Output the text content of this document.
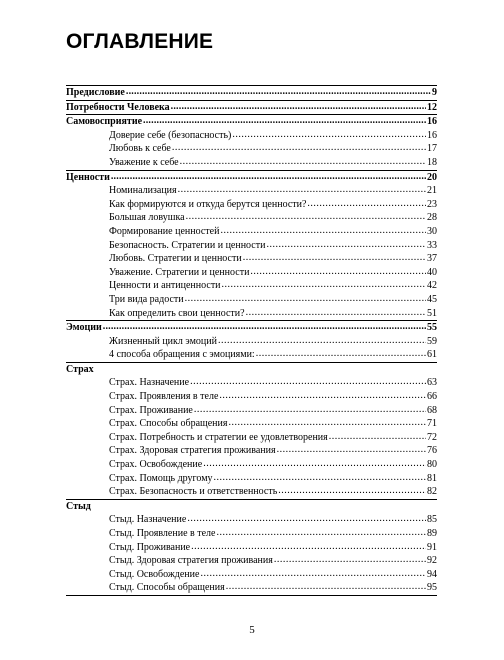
ОГЛАВЛЕНИЕ
Предисловие .....	9
Потребности Человека .....	12
Самовосприятие .....	16
Доверие себе (безопасность) .....	16
Любовь к себе .....	17
Уважение к себе .....	18
Ценности .....	20
Номинализация .....	21
Как формируются и откуда берутся ценности? .....	23
Большая ловушка .....	28
Формирование ценностей .....	30
Безопасность. Стратегии и ценности .....	33
Любовь. Стратегии и ценности .....	37
Уважение. Стратегии и ценности .....	40
Ценности и антиценности .....	42
Три вида радости .....	45
Как определить свои ценности? .....	51
Эмоции .....	55
Жизненный цикл эмоций .....	59
4 способа обращения с эмоциями: .....	61
Страх
Страх. Назначение .....	63
Страх. Проявления в теле .....	66
Страх. Проживание .....	68
Страх. Способы обращения .....	71
Страх. Потребность и стратегии ее удовлетворения .....	72
Страх. Здоровая стратегия проживания .....	76
Страх. Освобождение .....	80
Страх. Помощь другому .....	81
Страх. Безопасность и ответственность .....	82
Стыд
Стыд. Назначение .....	85
Стыд. Проявление в теле .....	89
Стыд. Проживание .....	91
Стыд. Здоровая стратегия проживания .....	92
Стыд. Освобождение .....	94
Стыд. Способы обращения .....	95
5
